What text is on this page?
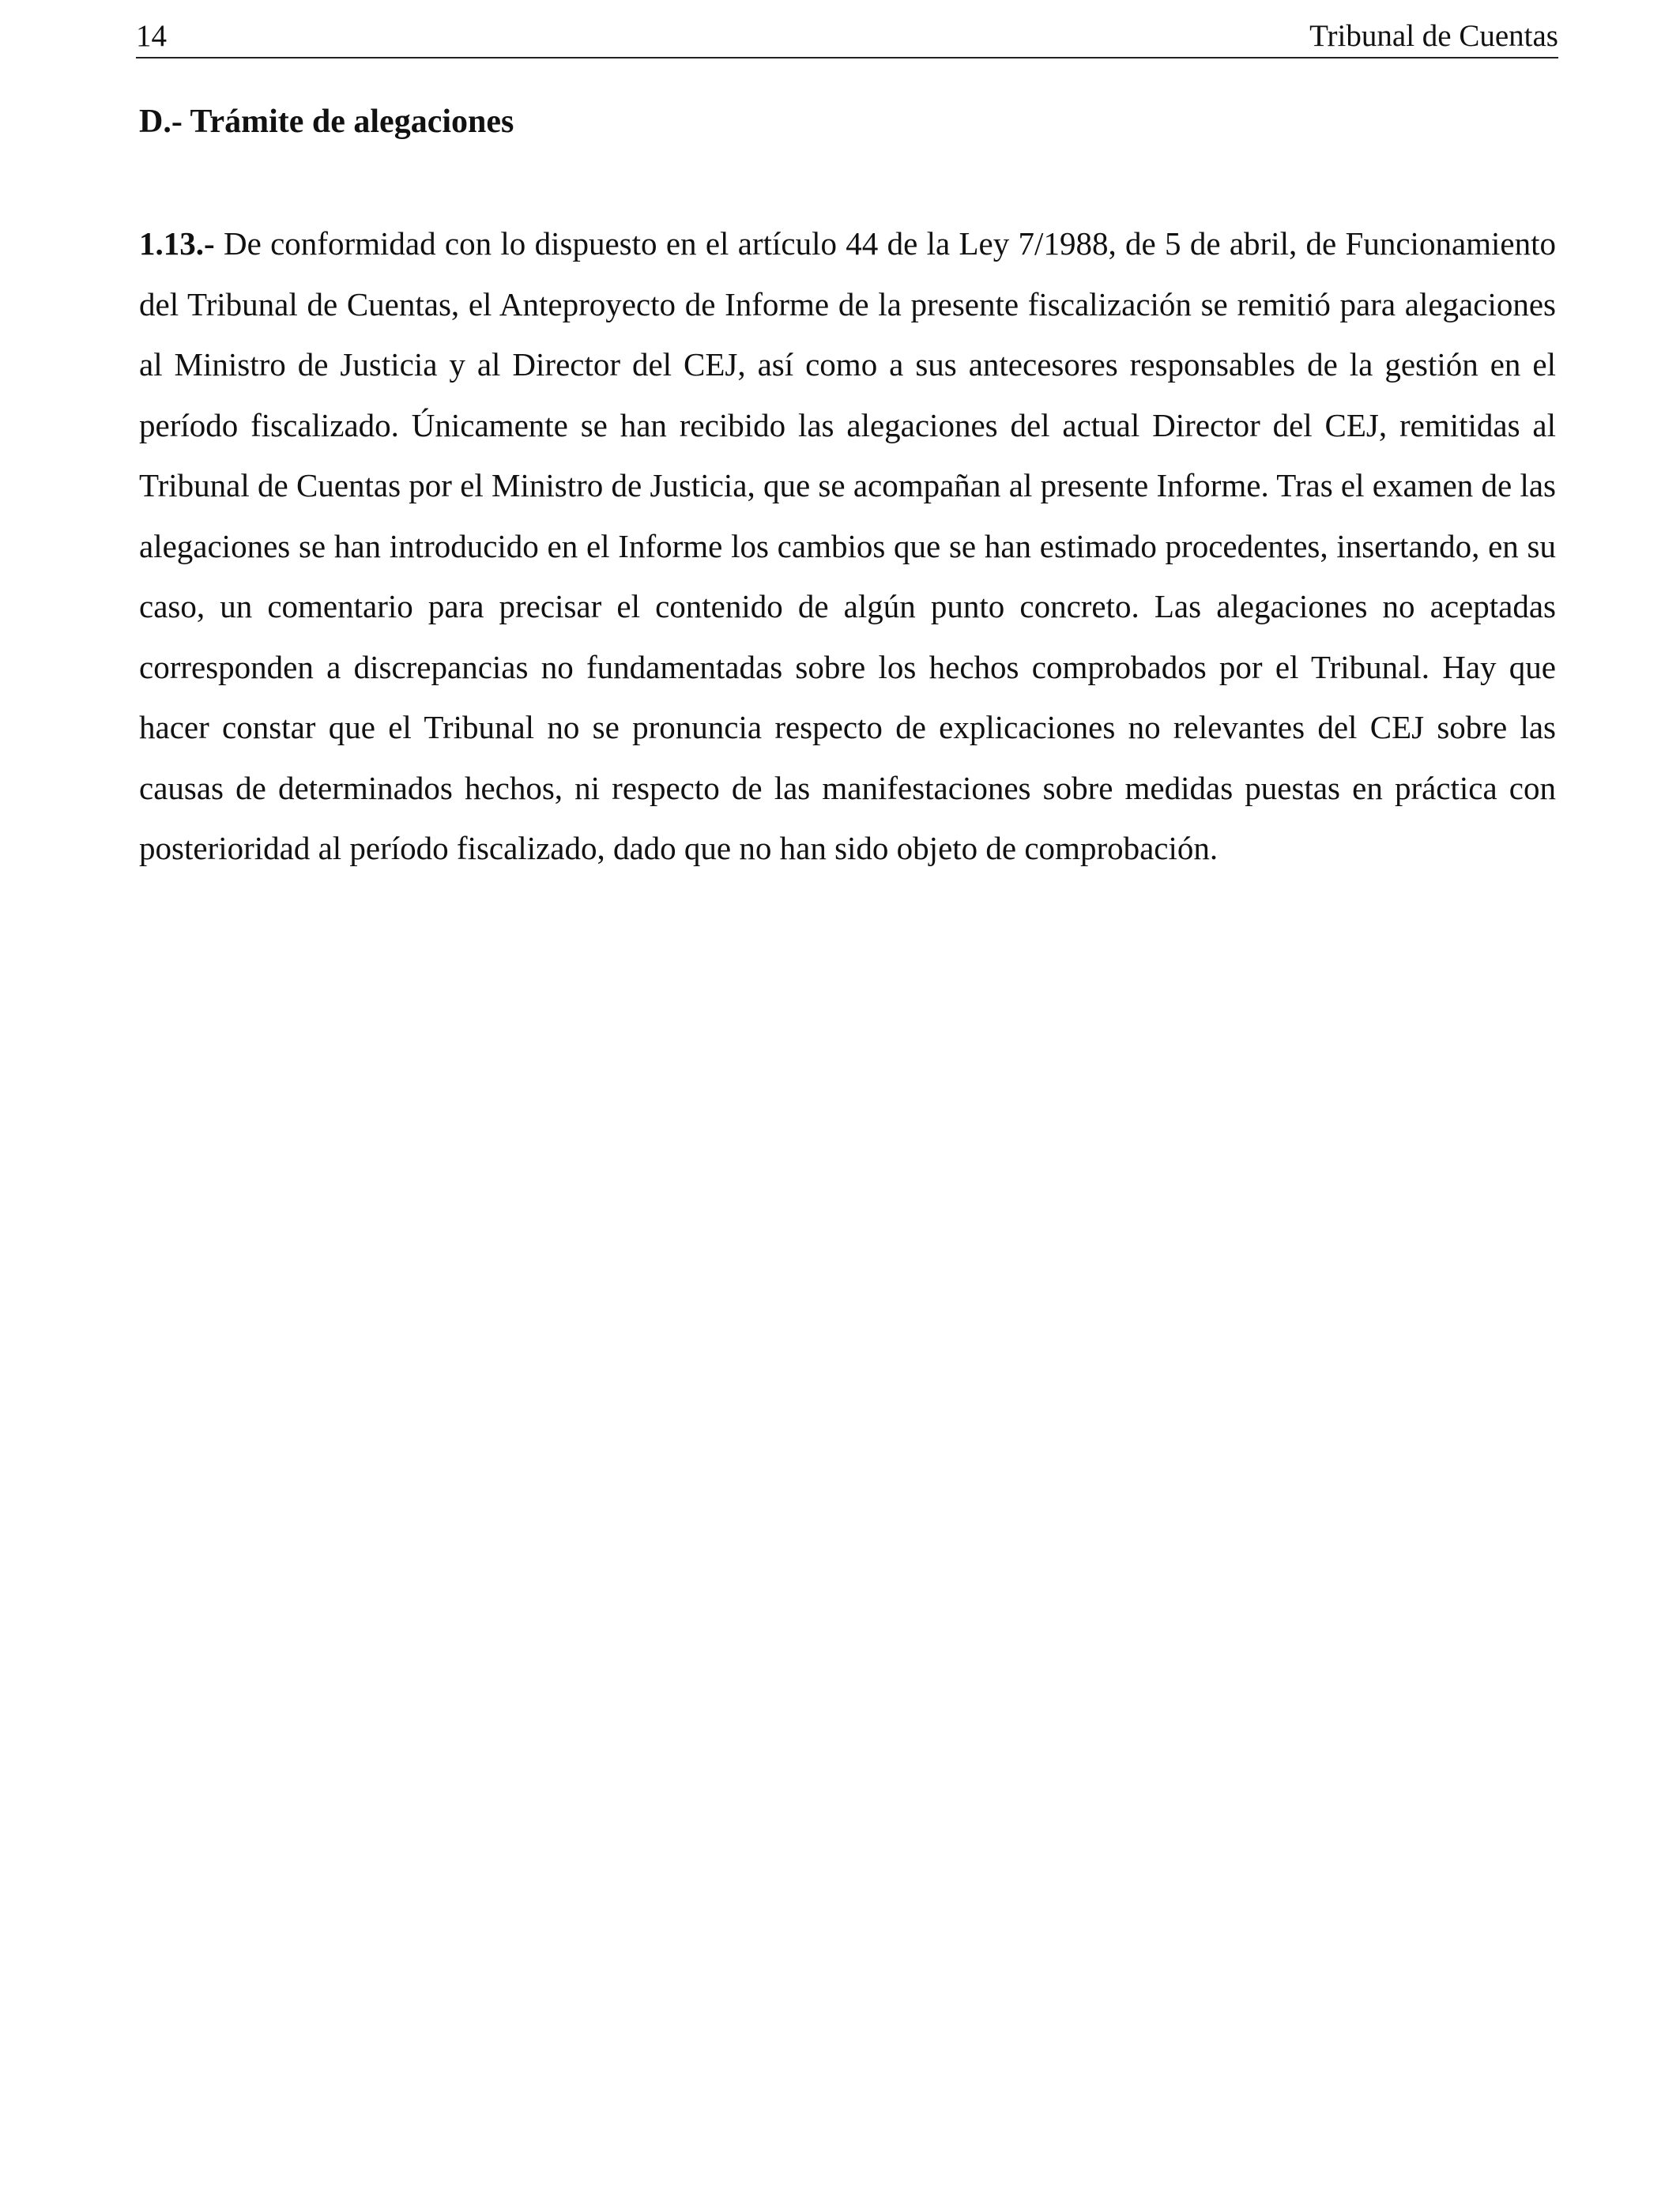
14	Tribunal de Cuentas
D.- Trámite de alegaciones

1.13.- De conformidad con lo dispuesto en el artículo 44 de la Ley 7/1988, de 5 de abril, de Funcionamiento del Tribunal de Cuentas, el Anteproyecto de Informe de la presente fiscalización se remitió para alegaciones al Ministro de Justicia y al Director del CEJ, así como a sus antecesores responsables de la gestión en el período fiscalizado. Únicamente se han recibido las alegaciones del actual Director del CEJ, remitidas al Tribunal de Cuentas por el Ministro de Justicia, que se acompañan al presente Informe. Tras el examen de las alegaciones se han introducido en el Informe los cambios que se han estimado procedentes, insertando, en su caso, un comentario para precisar el contenido de algún punto concreto. Las alegaciones no aceptadas corresponden a discrepancias no fundamentadas sobre los hechos comprobados por el Tribunal. Hay que hacer constar que el Tribunal no se pronuncia respecto de explicaciones no relevantes del CEJ sobre las causas de determinados hechos, ni respecto de las manifestaciones sobre medidas puestas en práctica con posterioridad al período fiscalizado, dado que no han sido objeto de comprobación.
